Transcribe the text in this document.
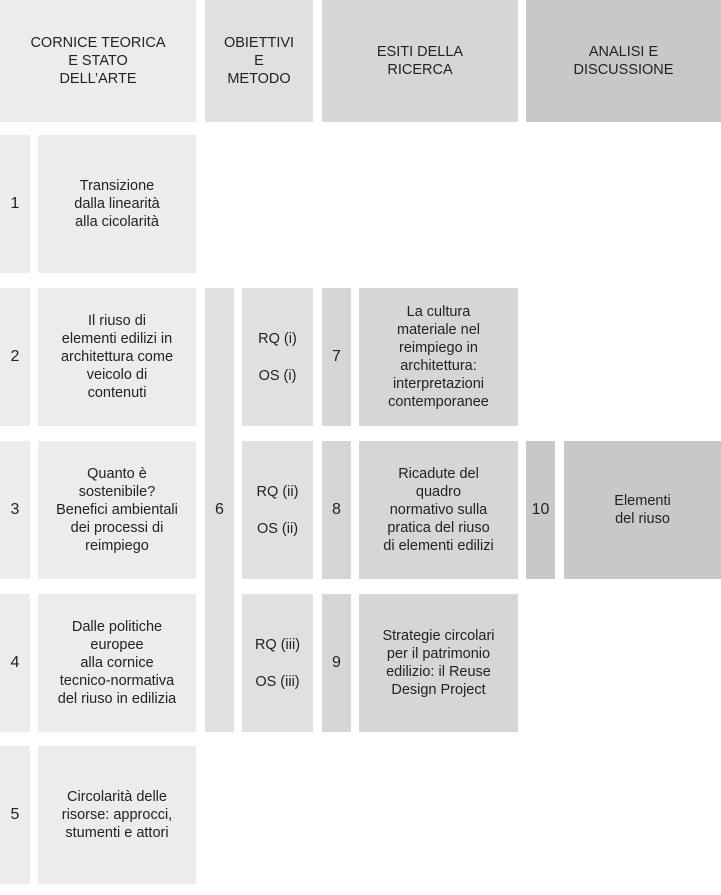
CORNICE TEORICA
E STATO
DELL’ARTE
OBIETTIVI
E
METODO
ESITI DELLA
RICERCA
ANALISI E
DISCUSSIONE
1
Transizione
dalla linearità
alla cicolarità
2
Il riuso di
elementi edilizi in
architettura come
veicolo di
contenuti
3
Quanto è
sostenibile?
Benefici ambientali
dei processi di
reimpiego
4
Dalle politiche
europee
alla cornice
tecnico-normativa
del riuso in edilizia
5
Circolarità delle
risorse: approcci,
stumenti e attori
6
RQ (i)
OS (i)
RQ (ii)
OS (ii)
RQ (iii)
OS (iii)
7
La cultura
materiale nel
reimpiego in
architettura:
interpretazioni
contemporanee
8
Ricadute del
quadro
normativo sulla
pratica del riuso
di elementi edilizi
9
Strategie circolari
per il patrimonio
edilizio: il Reuse
Design Project
10	Elementi
del riuso
